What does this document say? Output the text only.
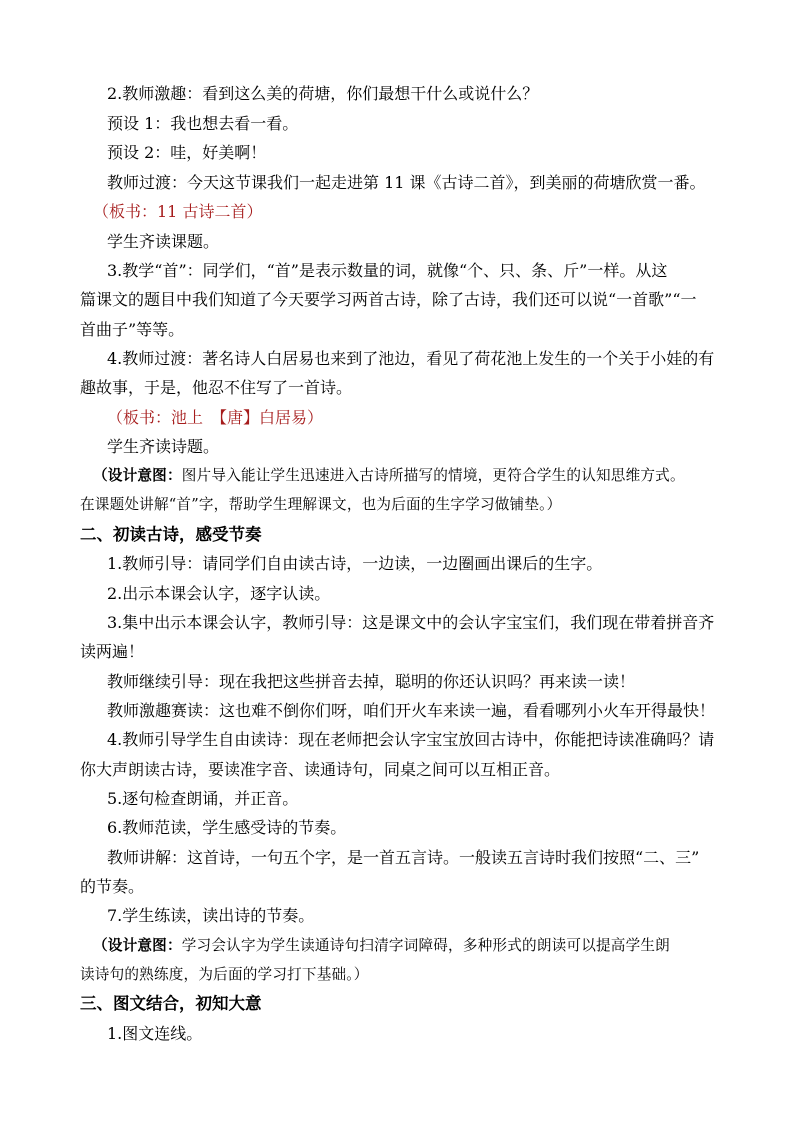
2.教师激趣：看到这么美的荷塘，你们最想干什么或说什么？
预设 1：我也想去看一看。
预设 2：哇，好美啊！
教师过渡：今天这节课我们一起走进第 11 课《古诗二首》，到美丽的荷塘欣赏一番。
（板书：11 古诗二首）
学生齐读课题。
3.教学“首”：同学们，“首”是表示数量的词，就像“个、只、条、斤”一样。从这
篇课文的题目中我们知道了今天要学习两首古诗，除了古诗，我们还可以说“一首歌”“一
首曲子”等等。
4.教师过渡：著名诗人白居易也来到了池边，看见了荷花池上发生的一个关于小娃的有
趣故事，于是，他忍不住写了一首诗。
（板书：池上　【唐】白居易）
学生齐读诗题。
（设计意图：图片导入能让学生迅速进入古诗所描写的情境，更符合学生的认知思维方式。
在课题处讲解“首”字，帮助学生理解课文，也为后面的生字学习做铺垫。）
二、初读古诗，感受节奏
1.教师引导：请同学们自由读古诗，一边读，一边圈画出课后的生字。
2.出示本课会认字，逐字认读。
3.集中出示本课会认字，教师引导：这是课文中的会认字宝宝们，我们现在带着拼音齐
读两遍！
教师继续引导：现在我把这些拼音去掉，聪明的你还认识吗？再来读一读！
教师激趣赛读：这也难不倒你们呀，咱们开火车来读一遍，看看哪列小火车开得最快！
4.教师引导学生自由读诗：现在老师把会认字宝宝放回古诗中，你能把诗读准确吗？请
你大声朗读古诗，要读准字音、读通诗句，同桌之间可以互相正音。
5.逐句检查朗诵，并正音。
6.教师范读，学生感受诗的节奏。
教师讲解：这首诗，一句五个字，是一首五言诗。一般读五言诗时我们按照“二、三”
的节奏。
7.学生练读，读出诗的节奏。
（设计意图：学习会认字为学生读通诗句扫清字词障碍，多种形式的朗读可以提高学生朗
读诗句的熟练度，为后面的学习打下基础。）
三、图文结合，初知大意
1.图文连线。
